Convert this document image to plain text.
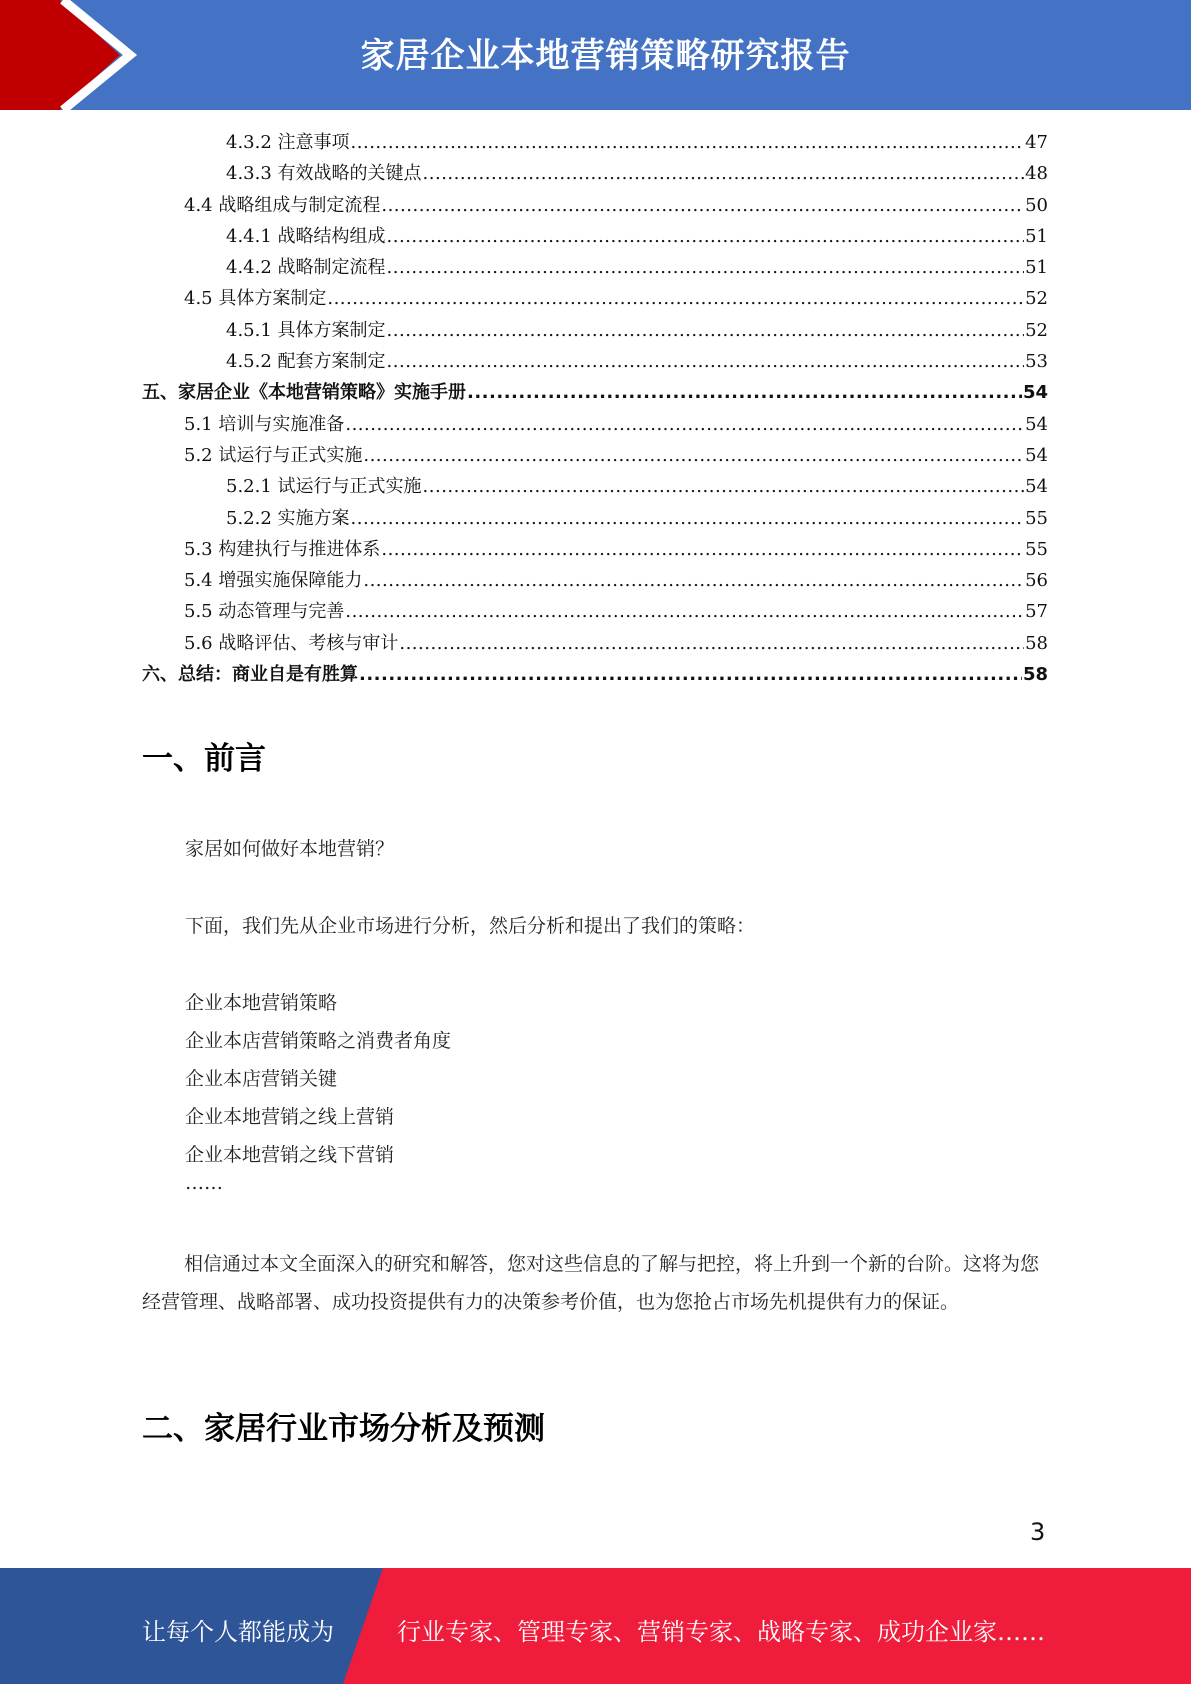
家居企业本地营销策略研究报告
4.3.2 注意事项 .....	47
4.3.3 有效战略的关键点 .....	48
4.4 战略组成与制定流程 .....	50
4.4.1 战略结构组成 .....	51
4.4.2 战略制定流程 .....	51
4.5 具体方案制定 .....	52
4.5.1 具体方案制定 .....	52
4.5.2 配套方案制定 .....	53
五、家居企业《本地营销策略》实施手册 .....	54
5.1 培训与实施准备 .....	54
5.2 试运行与正式实施 .....	54
5.2.1 试运行与正式实施 .....	54
5.2.2 实施方案 .....	55
5.3 构建执行与推进体系 .....	55
5.4 增强实施保障能力 .....	56
5.5 动态管理与完善 .....	57
5.6 战略评估、考核与审计 .....	58
六、总结：商业自是有胜算 .....	58
一、前言
家居如何做好本地营销？
下面，我们先从企业市场进行分析，然后分析和提出了我们的策略：
企业本地营销策略
企业本店营销策略之消费者角度
企业本店营销关键
企业本地营销之线上营销
企业本地营销之线下营销
……
相信通过本文全面深入的研究和解答，您对这些信息的了解与把控，将上升到一个新的台阶。这将为您经营管理、战略部署、成功投资提供有力的决策参考价值，也为您抢占市场先机提供有力的保证。
二、家居行业市场分析及预测
3
让每个人都能成为	行业专家、管理专家、营销专家、战略专家、成功企业家……
